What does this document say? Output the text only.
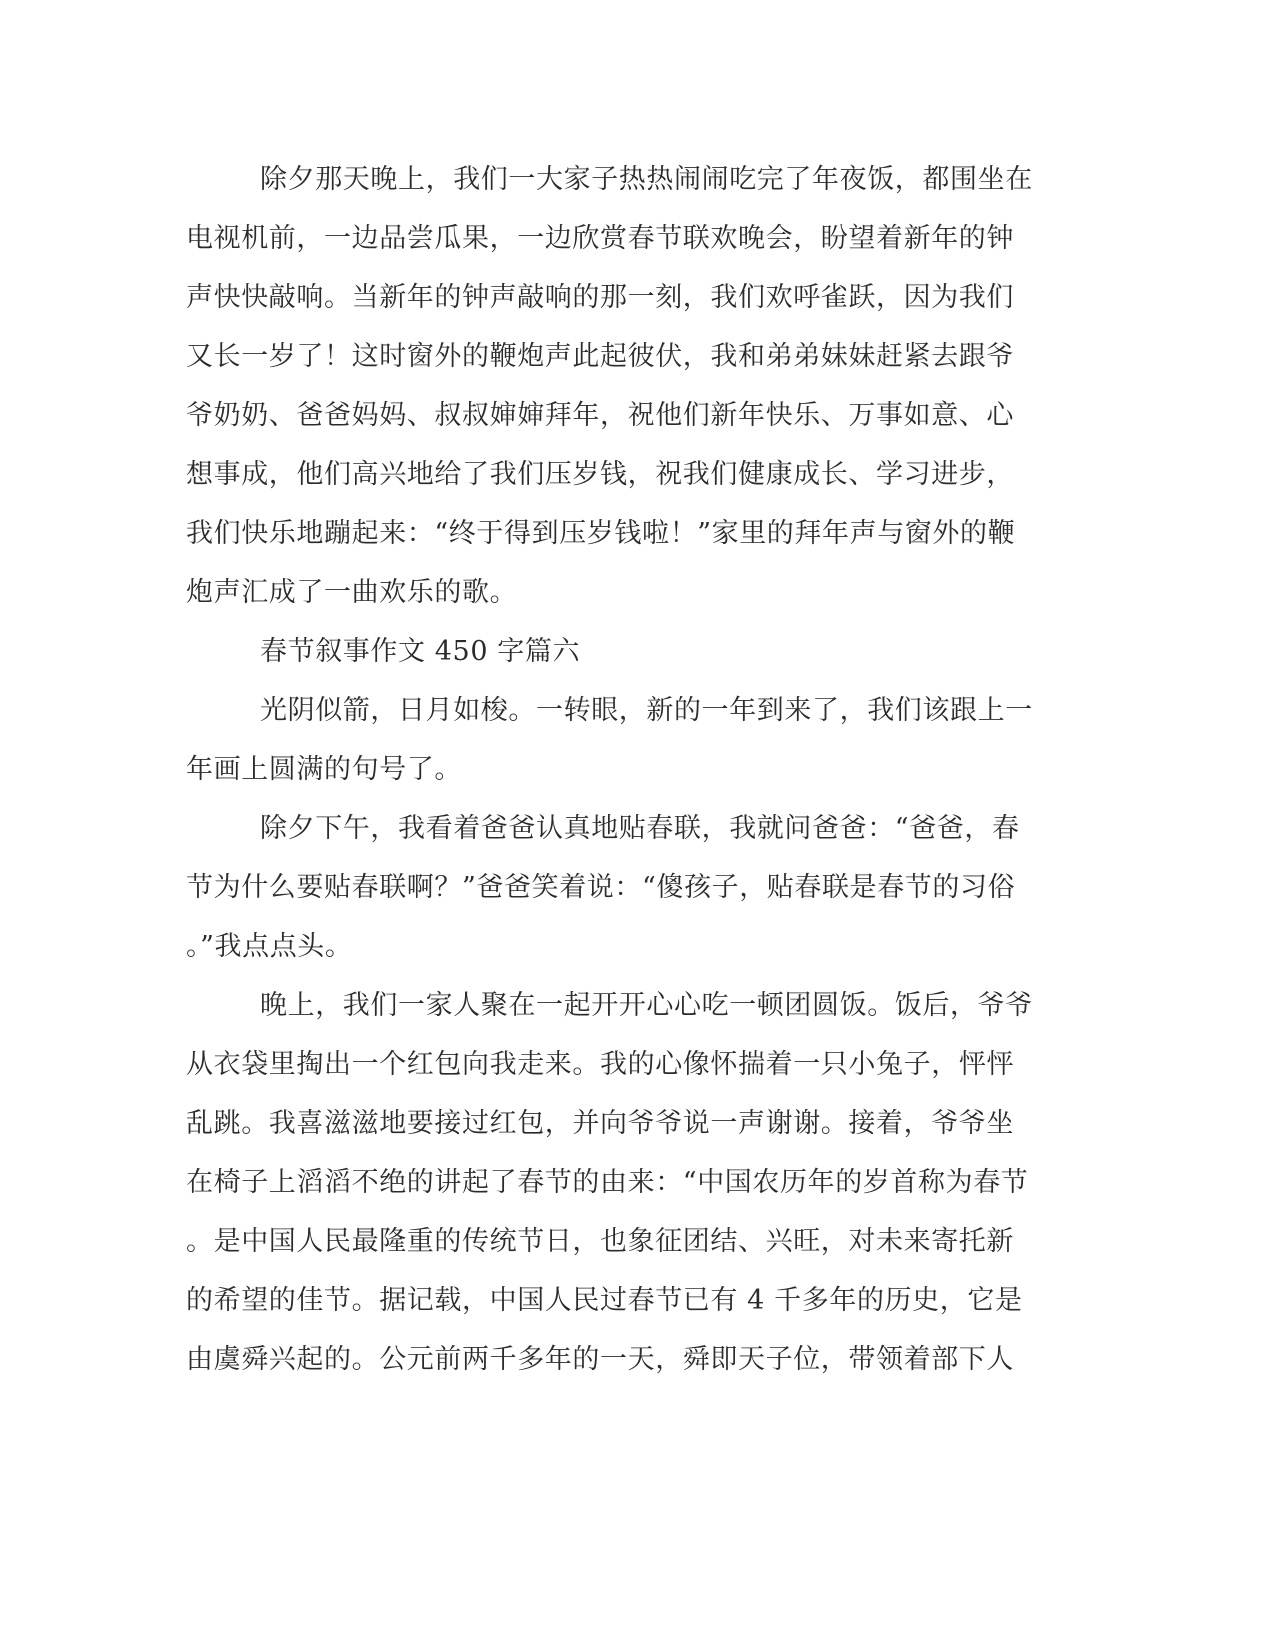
除夕那天晚上，我们一大家子热热闹闹吃完了年夜饭，都围坐在
电视机前，一边品尝瓜果，一边欣赏春节联欢晚会，盼望着新年的钟
声快快敲响。当新年的钟声敲响的那一刻，我们欢呼雀跃，因为我们
又长一岁了！这时窗外的鞭炮声此起彼伏，我和弟弟妹妹赶紧去跟爷
爷奶奶、爸爸妈妈、叔叔婶婶拜年，祝他们新年快乐、万事如意、心
想事成，他们高兴地给了我们压岁钱，祝我们健康成长、学习进步，
我们快乐地蹦起来：“终于得到压岁钱啦！”家里的拜年声与窗外的鞭
炮声汇成了一曲欢乐的歌。
春节叙事作文 450 字篇六
光阴似箭，日月如梭。一转眼，新的一年到来了，我们该跟上一
年画上圆满的句号了。
除夕下午，我看着爸爸认真地贴春联，我就问爸爸：“爸爸，春
节为什么要贴春联啊？”爸爸笑着说：“傻孩子，贴春联是春节的习俗
。”我点点头。
晚上，我们一家人聚在一起开开心心吃一顿团圆饭。饭后，爷爷
从衣袋里掏出一个红包向我走来。我的心像怀揣着一只小兔子，怦怦
乱跳。我喜滋滋地要接过红包，并向爷爷说一声谢谢。接着，爷爷坐
在椅子上滔滔不绝的讲起了春节的由来：“中国农历年的岁首称为春节
。是中国人民最隆重的传统节日，也象征团结、兴旺，对未来寄托新
的希望的佳节。据记载，中国人民过春节已有 4 千多年的历史，它是
由虞舜兴起的。公元前两千多年的一天，舜即天子位，带领着部下人
